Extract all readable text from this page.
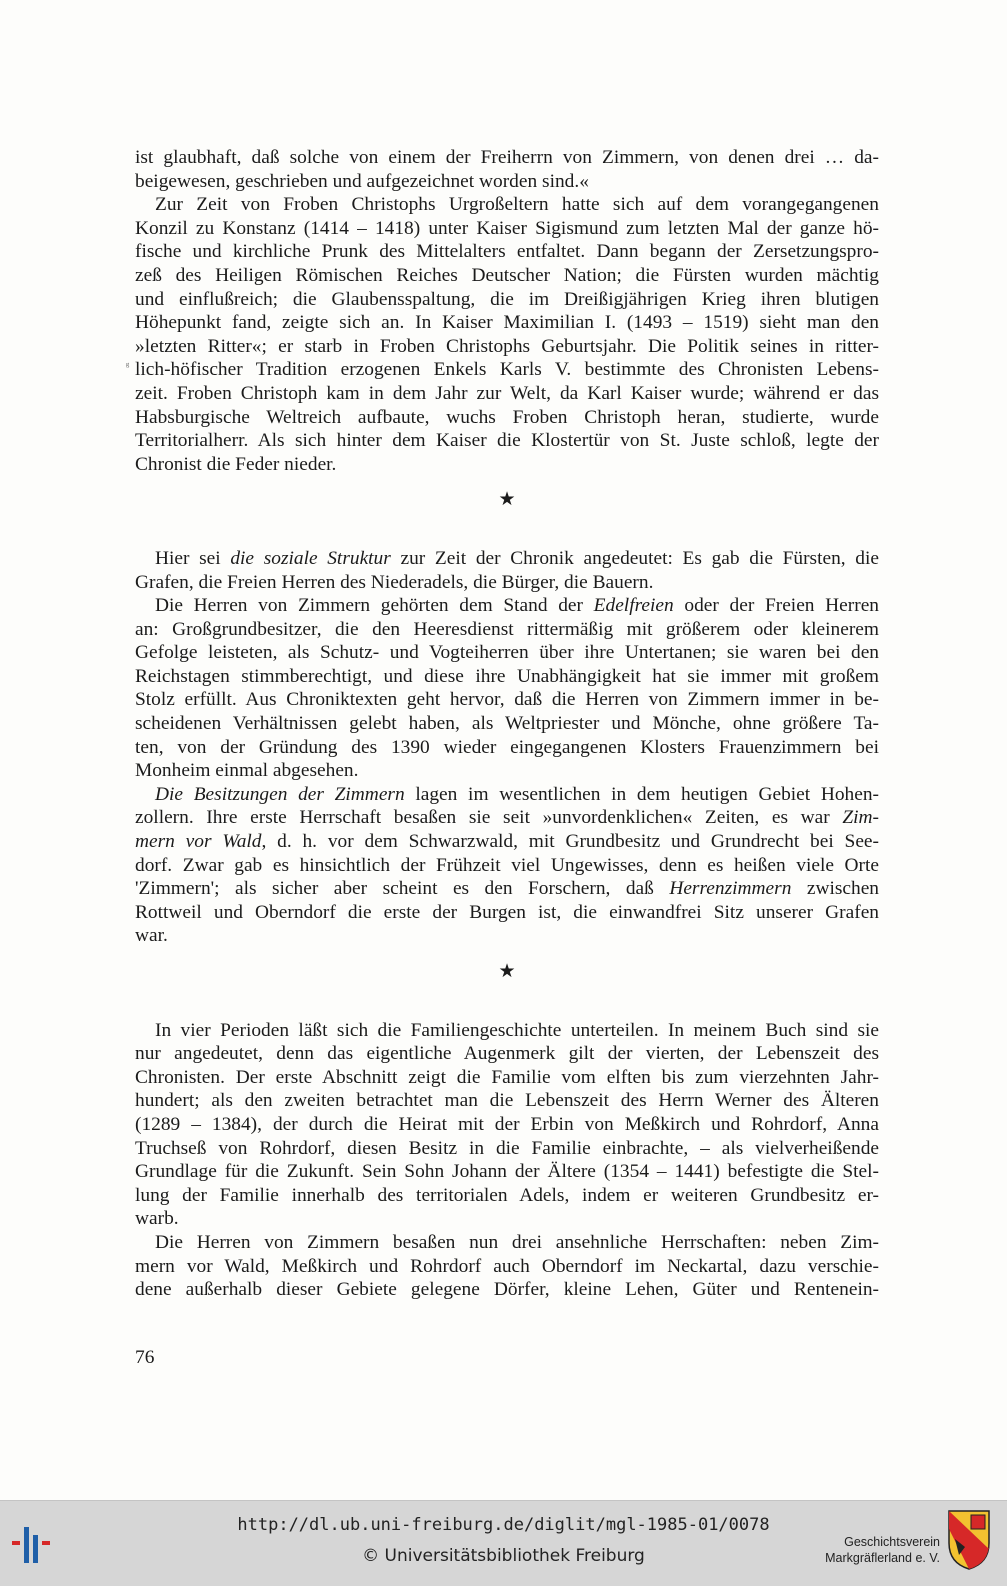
ist glaubhaft, daß solche von einem der Freiherrn von Zimmern, von denen drei … da-
beigewesen, geschrieben und aufgezeichnet worden sind.«
Zur Zeit von Froben Christophs Urgroßeltern hatte sich auf dem vorangegangenen
Konzil zu Konstanz (1414 – 1418) unter Kaiser Sigismund zum letzten Mal der ganze hö-
fische und kirchliche Prunk des Mittelalters entfaltet. Dann begann der Zersetzungspro-
zeß des Heiligen Römischen Reiches Deutscher Nation; die Fürsten wurden mächtig
und einflußreich; die Glaubensspaltung, die im Dreißigjährigen Krieg ihren blutigen
Höhepunkt fand, zeigte sich an. In Kaiser Maximilian I. (1493 – 1519) sieht man den
»letzten Ritter«; er starb in Froben Christophs Geburtsjahr. Die Politik seines in ritter-
lich-höfischer Tradition erzogenen Enkels Karls V. bestimmte des Chronisten Lebens-
zeit. Froben Christoph kam in dem Jahr zur Welt, da Karl Kaiser wurde; während er das
Habsburgische Weltreich aufbaute, wuchs Froben Christoph heran, studierte, wurde
Territorialherr. Als sich hinter dem Kaiser die Klostertür von St. Juste schloß, legte der
Chronist die Feder nieder.
★
Hier sei die soziale Struktur zur Zeit der Chronik angedeutet: Es gab die Fürsten, die
Grafen, die Freien Herren des Niederadels, die Bürger, die Bauern.
Die Herren von Zimmern gehörten dem Stand der Edelfreien oder der Freien Herren
an: Großgrundbesitzer, die den Heeresdienst rittermäßig mit größerem oder kleinerem
Gefolge leisteten, als Schutz- und Vogteiherren über ihre Untertanen; sie waren bei den
Reichstagen stimmberechtigt, und diese ihre Unabhängigkeit hat sie immer mit großem
Stolz erfüllt. Aus Chroniktexten geht hervor, daß die Herren von Zimmern immer in be-
scheidenen Verhältnissen gelebt haben, als Weltpriester und Mönche, ohne größere Ta-
ten, von der Gründung des 1390 wieder eingegangenen Klosters Frauenzimmern bei
Monheim einmal abgesehen.
Die Besitzungen der Zimmern lagen im wesentlichen in dem heutigen Gebiet Hohen-
zollern. Ihre erste Herrschaft besaßen sie seit »unvordenklichen« Zeiten, es war Zim-
mern vor Wald, d. h. vor dem Schwarzwald, mit Grundbesitz und Grundrecht bei See-
dorf. Zwar gab es hinsichtlich der Frühzeit viel Ungewisses, denn es heißen viele Orte
'Zimmern'; als sicher aber scheint es den Forschern, daß Herrenzimmern zwischen
Rottweil und Oberndorf die erste der Burgen ist, die einwandfrei Sitz unserer Grafen
war.
★
In vier Perioden läßt sich die Familiengeschichte unterteilen. In meinem Buch sind sie
nur angedeutet, denn das eigentliche Augenmerk gilt der vierten, der Lebenszeit des
Chronisten. Der erste Abschnitt zeigt die Familie vom elften bis zum vierzehnten Jahr-
hundert; als den zweiten betrachtet man die Lebenszeit des Herrn Werner des Älteren
(1289 – 1384), der durch die Heirat mit der Erbin von Meßkirch und Rohrdorf, Anna
Truchseß von Rohrdorf, diesen Besitz in die Familie einbrachte, – als vielverheißende
Grundlage für die Zukunft. Sein Sohn Johann der Ältere (1354 – 1441) befestigte die Stel-
lung der Familie innerhalb des territorialen Adels, indem er weiteren Grundbesitz er-
warb.
Die Herren von Zimmern besaßen nun drei ansehnliche Herrschaften: neben Zim-
mern vor Wald, Meßkirch und Rohrdorf auch Oberndorf im Neckartal, dazu verschie-
dene außerhalb dieser Gebiete gelegene Dörfer, kleine Lehen, Güter und Rentenein-
ᵍ
76
http://dl.ub.uni-freiburg.de/diglit/mgl-1985-01/0078
© Universitätsbibliothek Freiburg
Geschichtsverein
Markgräflerland e. V.
